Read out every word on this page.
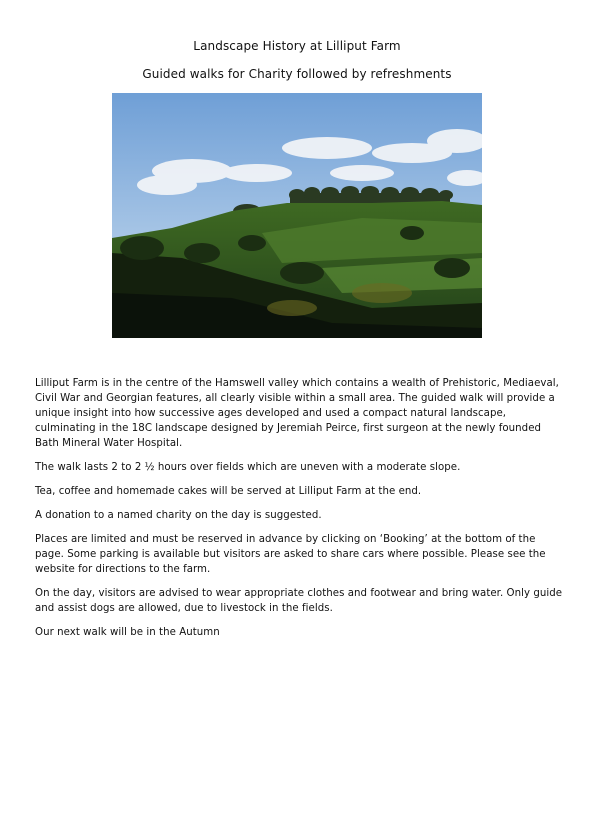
Landscape History at Lilliput Farm
Guided walks for Charity followed by refreshments

Lilliput Farm is in the centre of the Hamswell valley which contains a wealth of Prehistoric, Mediaeval, Civil War and Georgian features, all clearly visible within a small area. The guided walk will provide a unique insight into how successive ages developed and used a compact natural landscape, culminating in the 18C landscape designed by Jeremiah Peirce, first surgeon at the newly founded Bath Mineral Water Hospital.

The walk lasts 2 to 2 ½ hours over fields which are uneven with a moderate slope.

Tea, coffee and homemade cakes will be served at Lilliput Farm at the end.

A donation to a named charity on the day is suggested.

Places are limited and must be reserved in advance by clicking on ‘Booking’ at the bottom of the page. Some parking is available but visitors are asked to share cars where possible. Please see the website for directions to the farm.

On the day, visitors are advised to wear appropriate clothes and footwear and bring water. Only guide and assist dogs are allowed, due to livestock in the fields.

Our next walk will be in the Autumn
